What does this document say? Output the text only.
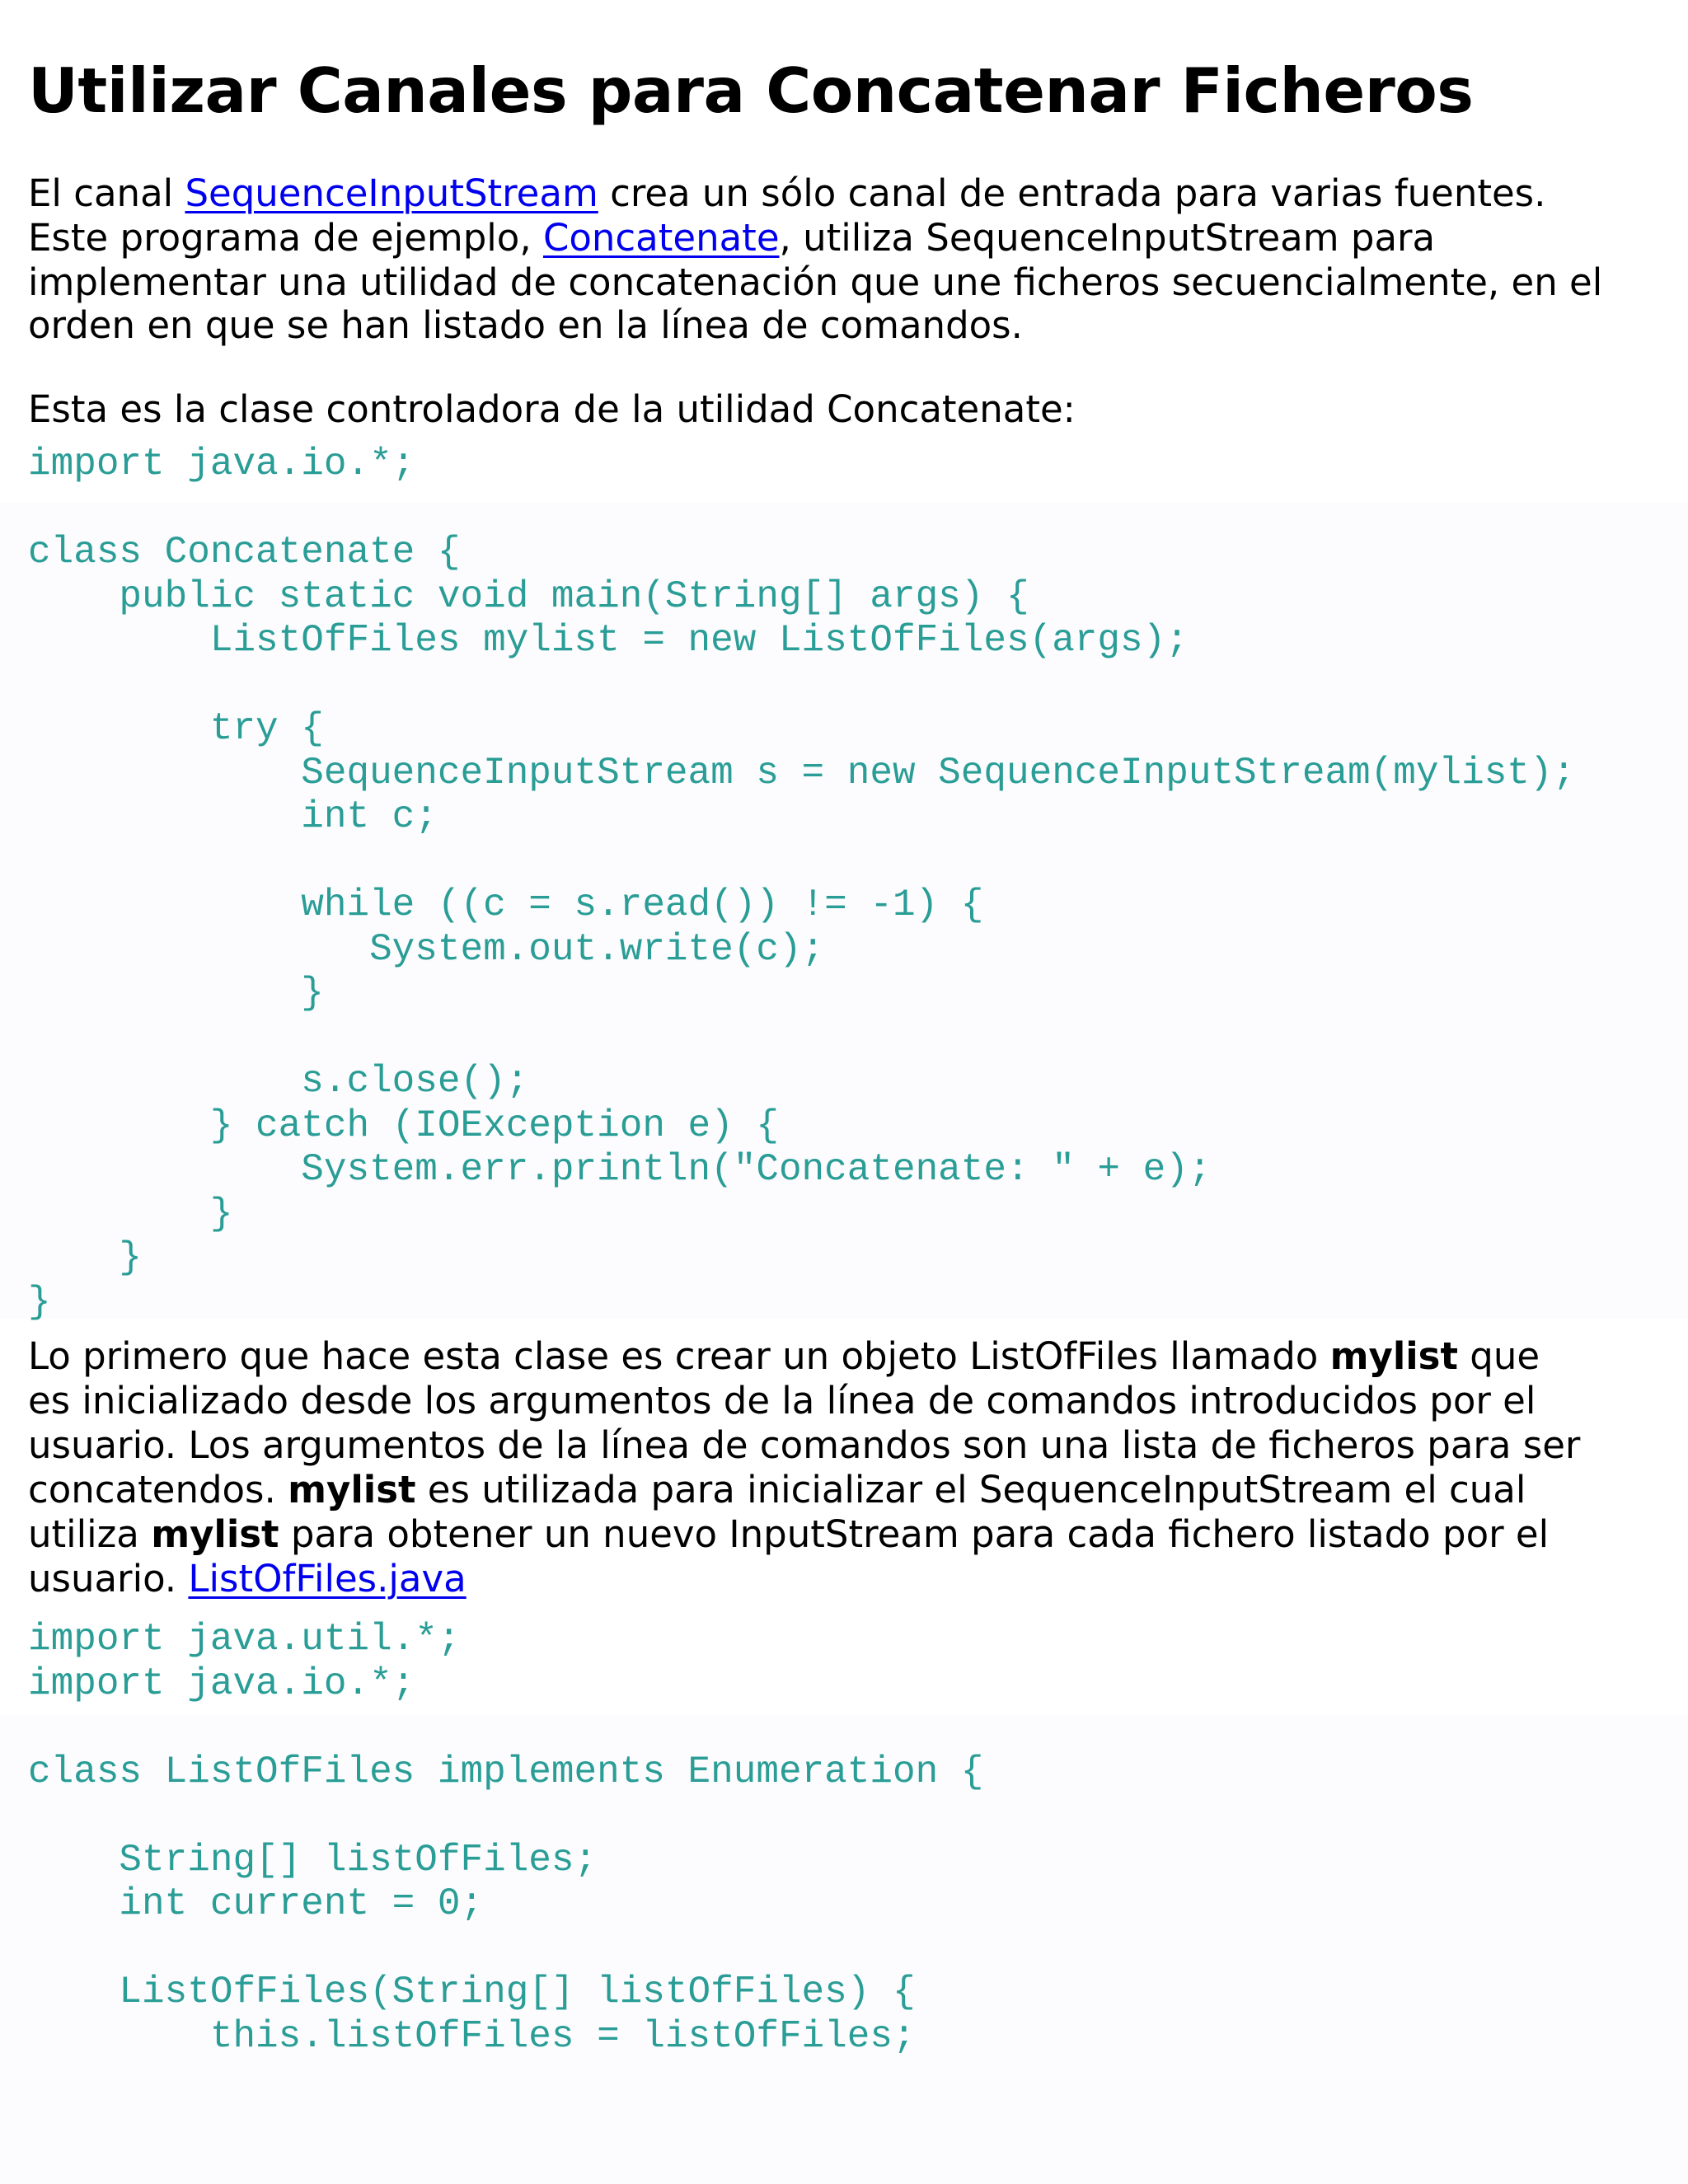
Utilizar Canales para Concatenar Ficheros

El canal SequenceInputStream crea un sólo canal de entrada para varias fuentes.
Este programa de ejemplo, Concatenate, utiliza SequenceInputStream para
implementar una utilidad de concatenación que une ficheros secuencialmente, en el
orden en que se han listado en la línea de comandos.

Esta es la clase controladora de la utilidad Concatenate:

import java.io.*;

class Concatenate {
public static void main(String[] args) {
ListOfFiles mylist = new ListOfFiles(args);

try {
SequenceInputStream s = new SequenceInputStream(mylist);
int c;

while ((c = s.read()) != -1) {
System.out.write(c);
}

s.close();
} catch (IOException e) {
System.err.println("Concatenate: " + e);
}
}
}

Lo primero que hace esta clase es crear un objeto ListOfFiles llamado mylist que
es inicializado desde los argumentos de la línea de comandos introducidos por el
usuario. Los argumentos de la línea de comandos son una lista de ficheros para ser
concatendos. mylist es utilizada para inicializar el SequenceInputStream el cual
utiliza mylist para obtener un nuevo InputStream para cada fichero listado por el
usuario. ListOfFiles.java

import java.util.*;
import java.io.*;

class ListOfFiles implements Enumeration {

String[] listOfFiles;
int current = 0;

ListOfFiles(String[] listOfFiles) {
this.listOfFiles = listOfFiles;
